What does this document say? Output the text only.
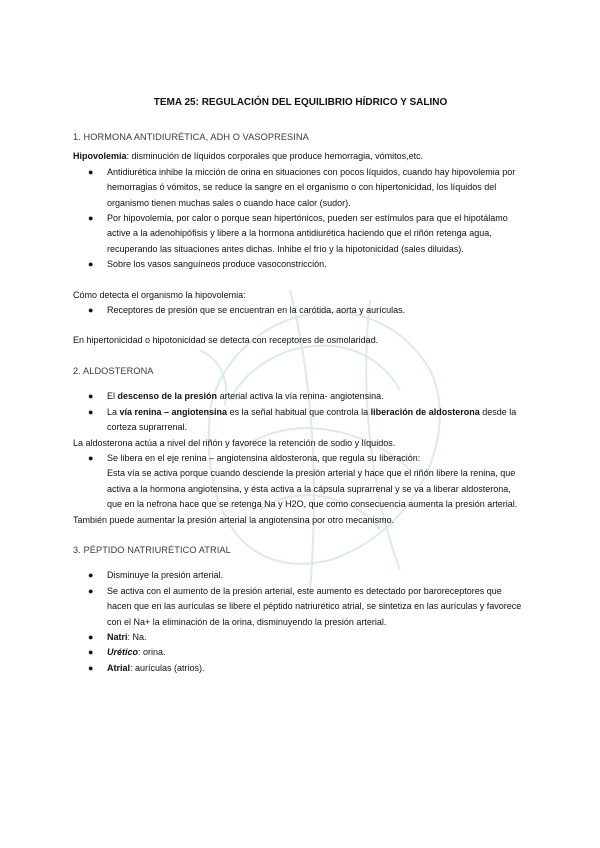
TEMA 25: REGULACIÓN DEL EQUILIBRIO HÍDRICO Y SALINO
1. HORMONA ANTIDIURÉTICA, ADH O VASOPRESINA

Hipovolemia: disminución de líquidos corporales que produce hemorragia, vómitos,etc.

● Antidiurética inhibe la micción de orina en situaciones con pocos líquidos, cuando hay hipovolemia por hemorragias ó vómitos, se reduce la sangre en el organismo o con hipertonicidad, los líquidos del organismo tienen muchas sales o cuando hace calor (sudor).
● Por hipovolemia, por calor o porque sean hipertónicos, pueden ser estímulos para que el hipotálamo active a la adenohipófisis y libere a la hormona antidiurética haciendo que el riñón retenga agua, recuperando las situaciones antes dichas. Inhibe el frío y la hipotonicidad (sales diluidas).
● Sobre los vasos sanguíneos produce vasoconstricción.

Cómo detecta el organismo la hipovolemia:

● Receptores de presión que se encuentran en la carótida, aorta y aurículas.

En hipertonicidad o hipotonicidad se detecta con receptores de osmolaridad.

2. ALDOSTERONA
● El descenso de la presión arterial activa la vía renina- angiotensina.
● La vía renina – angiotensina es la señal habitual que controla la liberación de aldosterona desde la corteza suprarrenal.

La aldosterona actúa a nivel del riñón y favorece la retención de sodio y líquidos.

● Se libera en el eje renina – angiotensina aldosterona, que regula su liberación:

Esta vía se activa porque cuando desciende la presión arterial y hace que el riñón libere la renina, que activa a la hormona angiotensina, y ésta activa a la cápsula suprarrenal y se va a liberar aldosterona, que en la nefrona hace que se retenga Na y H2O, que como consecuencia aumenta la presión arterial.

También puede aumentar la presión arterial la angiotensina por otro mecanismo.

3. PÉPTIDO NATRIURÉTICO ATRIAL
● Disminuye la presión arterial.
● Se activa con el aumento de la presión arterial, este aumento es detectado por baroreceptores que hacen que en las aurículas se libere el péptido natriurético atrial, se sintetiza en las aurículas y favorece con el Na+ la eliminación de la orina, disminuyendo la presión arterial.
● Natri: Na.
● Urético: orina.
● Atrial: aurículas (atrios).
